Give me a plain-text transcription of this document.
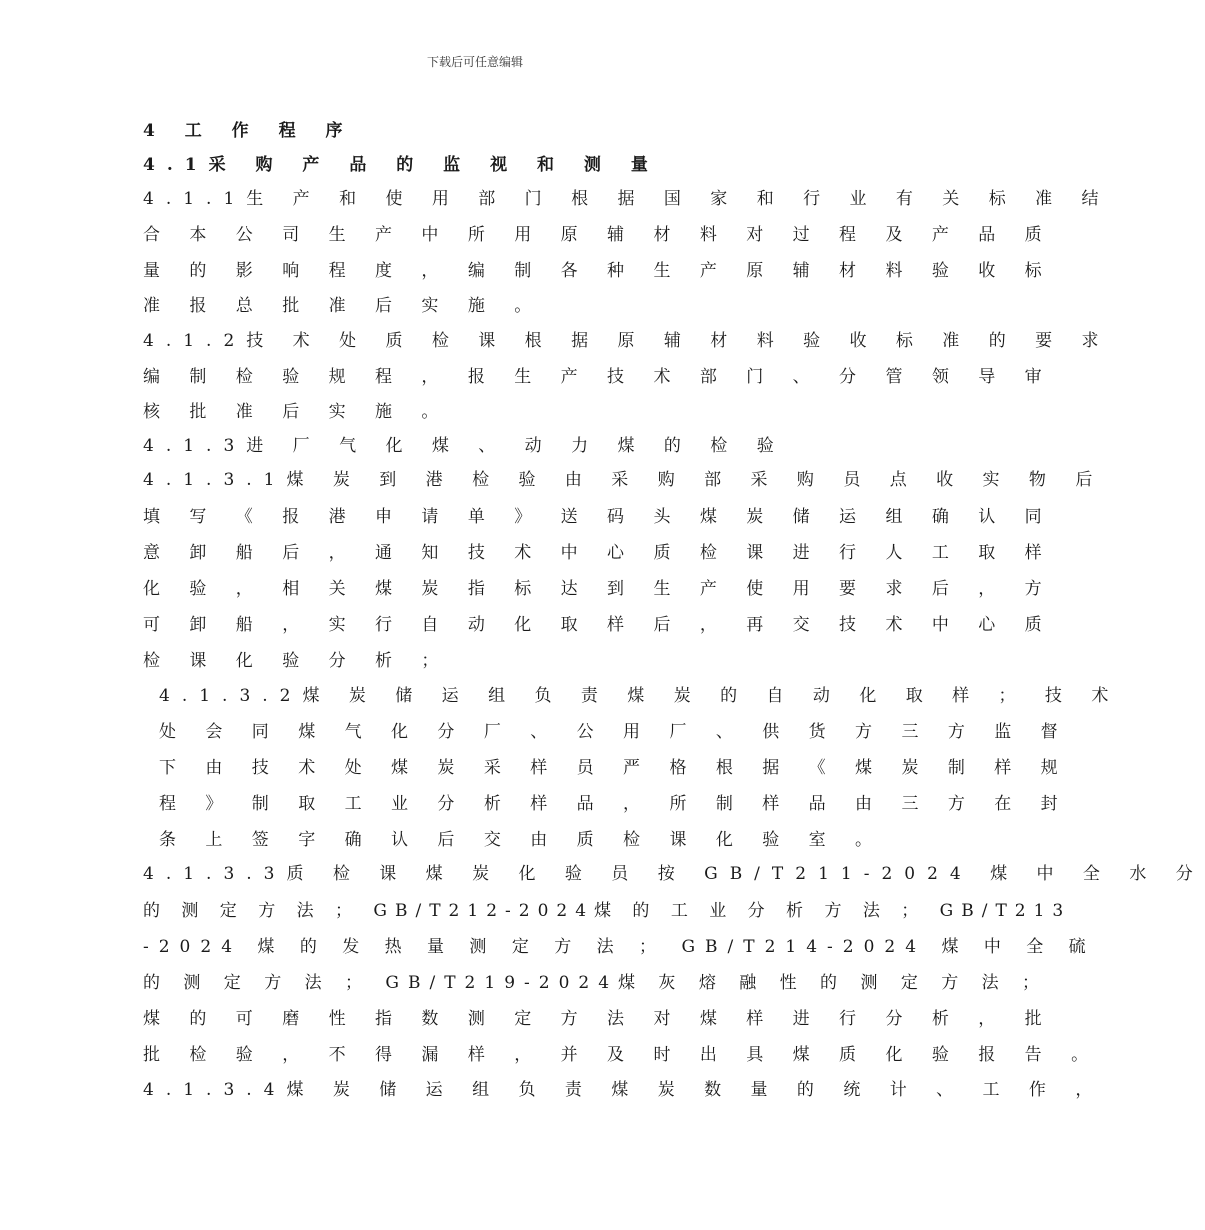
下载后可任意编辑
4 工 作 程 序
4.1采 购 产 品 的 监 视 和 测 量
4.1.1生 产 和 使 用 部 门 根 据 国 家 和 行 业 有 关 标 准 结
合 本 公 司 生 产 中 所 用 原 辅 材 料 对 过 程 及 产 品 质
量 的 影 响 程 度 ， 编 制 各 种 生 产 原 辅 材 料 验 收 标
准 报 总 批 准 后 实 施 。
4.1.2技 术 处 质 检 课 根 据 原 辅 材 料 验 收 标 准 的 要 求
编 制 检 验 规 程 ， 报 生 产 技 术 部 门 、 分 管 领 导 审
核 批 准 后 实 施 。
4.1.3进 厂 气 化 煤 、 动 力 煤 的 检 验
4.1.3.1煤 炭 到 港 检 验 由 采 购 部 采 购 员 点 收 实 物 后
填 写 《 报 港 申 请 单 》 送 码 头 煤 炭 储 运 组 确 认 同
意 卸 船 后 ， 通 知 技 术 中 心 质 检 课 进 行 人 工 取 样
化 验 ， 相 关 煤 炭 指 标 达 到 生 产 使 用 要 求 后 ， 方
可 卸 船 ， 实 行 自 动 化 取 样 后 ， 再 交 技 术 中 心 质
检 课 化 验 分 析 ；
4.1.3.2煤 炭 储 运 组 负 责 煤 炭 的 自 动 化 取 样 ； 技 术
处 会 同 煤 气 化 分 厂 、 公 用 厂 、 供 货 方 三 方 监 督
下 由 技 术 处 煤 炭 采 样 员 严 格 根 据 《 煤 炭 制 样 规
程 》 制 取 工 业 分 析 样 品 ， 所 制 样 品 由 三 方 在 封
条 上 签 字 确 认 后 交 由 质 检 课 化 验 室 。
4.1.3.3质 检 课 煤 炭 化 验 员 按 GB/T211-2024 煤 中 全 水 分
的 测 定 方 法 ； GB/T212-2024煤 的 工 业 分 析 方 法 ； GB/T213
-2024 煤 的 发 热 量 测 定 方 法 ； GB/T214-2024 煤 中 全 硫
的 测 定 方 法 ； GB/T219-2024煤 灰 熔 融 性 的 测 定 方 法 ；
煤 的 可 磨 性 指 数 测 定 方 法 对 煤 样 进 行 分 析 ， 批
批 检 验 ， 不 得 漏 样 ， 并 及 时 出 具 煤 质 化 验 报 告 。
4.1.3.4煤 炭 储 运 组 负 责 煤 炭 数 量 的 统 计 、 工 作 ，
